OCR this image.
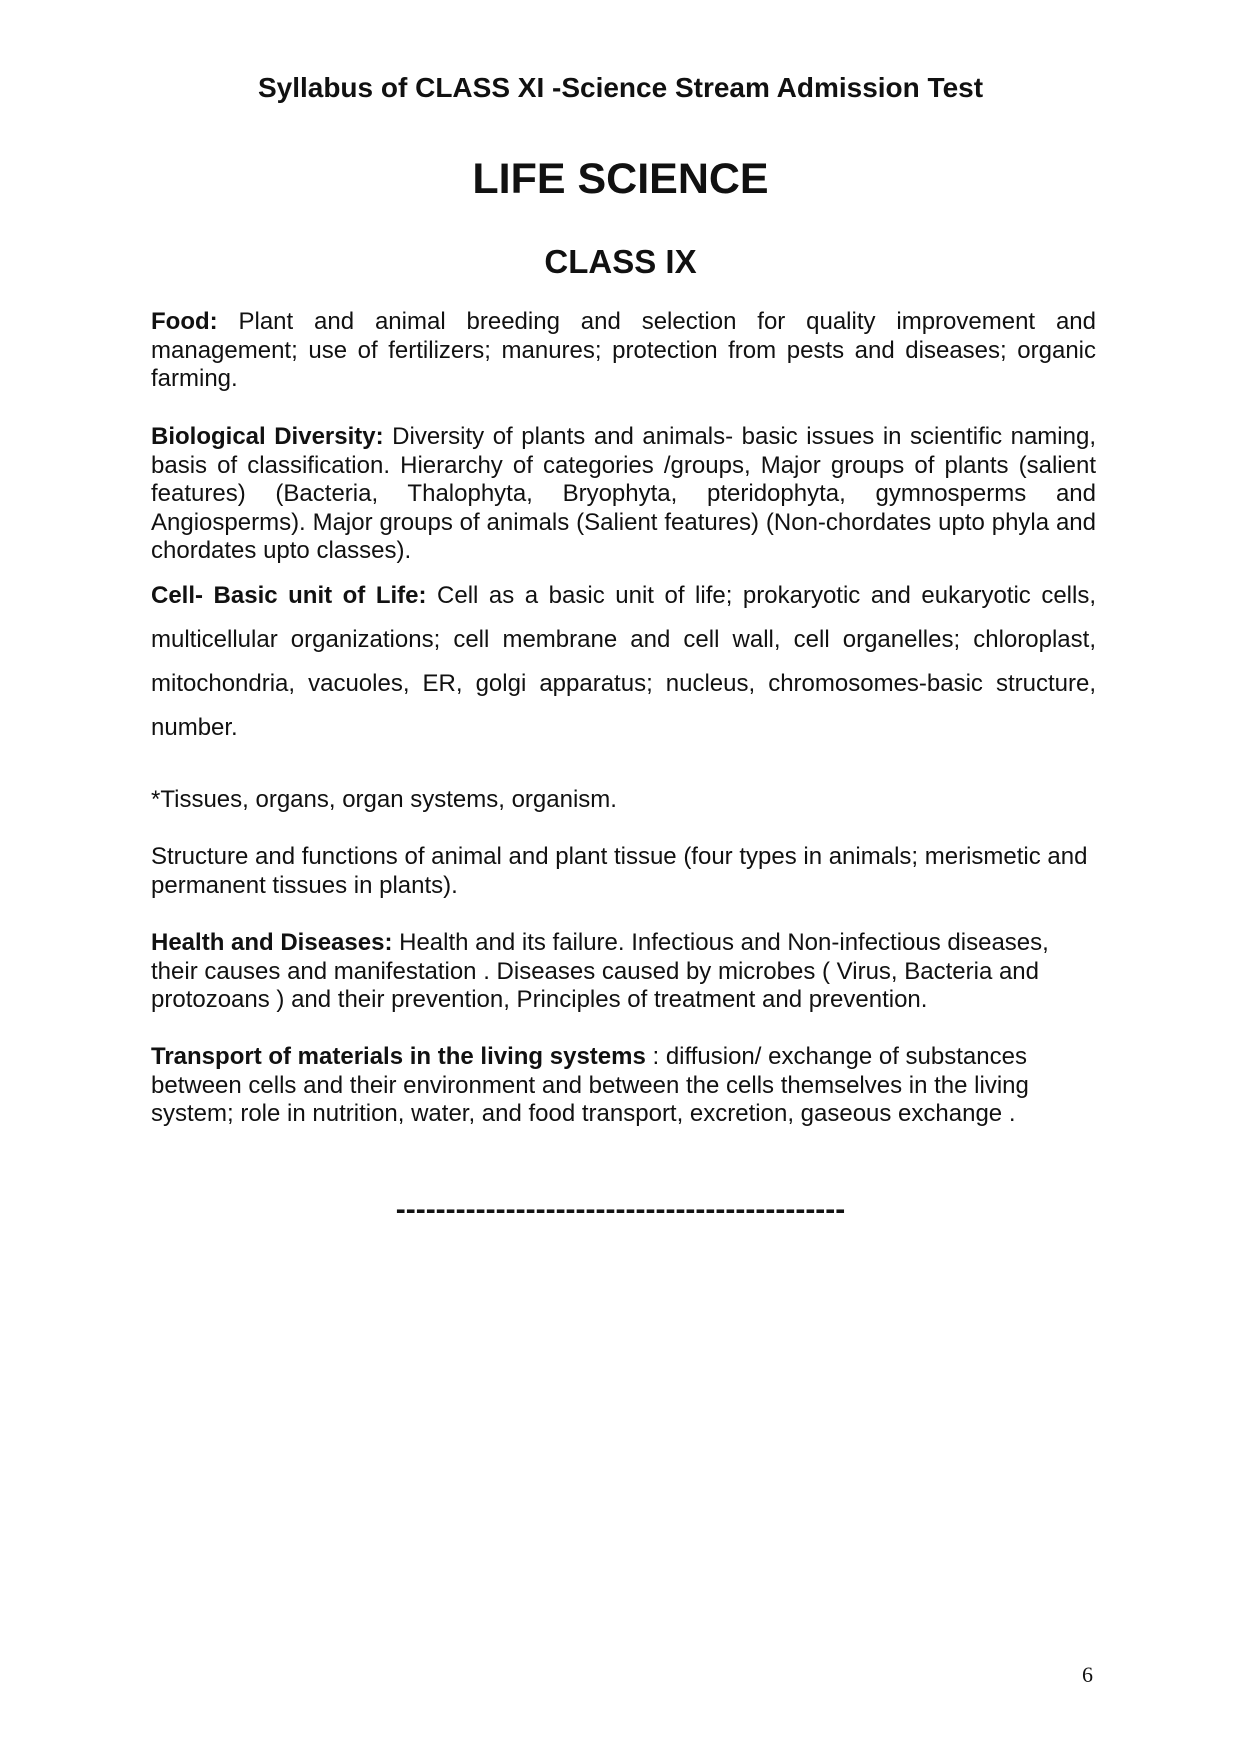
Syllabus of CLASS XI -Science Stream Admission Test
LIFE SCIENCE
CLASS IX

Food: Plant and animal breeding and selection for quality improvement and management; use of fertilizers; manures; protection from pests and diseases; organic farming.

Biological Diversity: Diversity of plants and animals- basic issues in scientific naming, basis of classification. Hierarchy of categories /groups, Major groups of plants (salient features) (Bacteria, Thalophyta, Bryophyta, pteridophyta, gymnosperms and Angiosperms). Major groups of animals (Salient features) (Non-chordates upto phyla and chordates upto classes).

Cell- Basic unit of Life: Cell as a basic unit of life; prokaryotic and eukaryotic cells, multicellular organizations; cell membrane and cell wall, cell organelles; chloroplast, mitochondria, vacuoles, ER, golgi apparatus; nucleus, chromosomes-basic structure, number.

*Tissues, organs, organ systems, organism.

Structure and functions of animal and plant tissue (four types in animals; merismetic and permanent tissues in plants).

Health and Diseases: Health and its failure. Infectious and Non-infectious diseases, their causes and manifestation . Diseases caused by microbes ( Virus, Bacteria and protozoans ) and their prevention, Principles of treatment and prevention.

Transport of materials in the living systems : diffusion/ exchange of substances between cells and their environment and between the cells themselves in the living system; role in nutrition, water, and food transport, excretion, gaseous exchange .

---------------------------------------------

6
